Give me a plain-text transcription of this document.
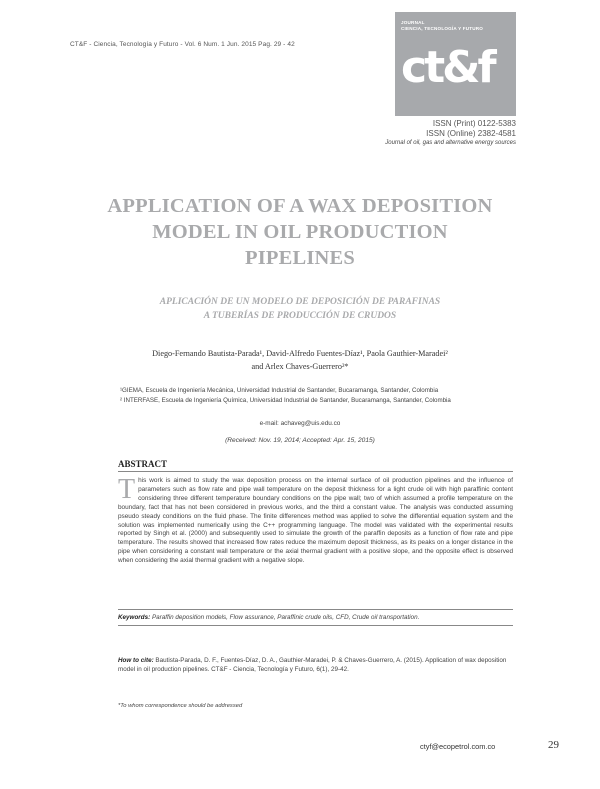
CT&F - Ciencia, Tecnología y Futuro - Vol. 6 Num. 1 Jun. 2015 Pag. 29 - 42
JOURNAL
CIENCIA, TECNOLOGÍA Y FUTURO
ct&f
ISSN (Print) 0122-5383
ISSN (Online) 2382-4581
Journal of oil, gas and alternative energy sources
APPLICATION OF A WAX DEPOSITION
MODEL IN OIL PRODUCTION
PIPELINES
APLICACIÓN DE UN MODELO DE DEPOSICIÓN DE PARAFINAS
A TUBERÍAS DE PRODUCCIÓN DE CRUDOS
Diego-Fernando Bautista-Parada¹, David-Alfredo Fuentes-Díaz¹, Paola Gauthier-Maradei²
and Arlex Chaves-Guerrero²*
¹GIEMA, Escuela de Ingeniería Mecánica, Universidad Industrial de Santander, Bucaramanga, Santander, Colombia
² INTERFASE, Escuela de Ingeniería Química, Universidad Industrial de Santander, Bucaramanga, Santander, Colombia
e-mail: achaveg@uis.edu.co
(Received: Nov. 19, 2014; Accepted: Apr. 15, 2015)
ABSTRACT
This work is aimed to study the wax deposition process on the internal surface of oil production pipelines and the influence of parameters such as flow rate and pipe wall temperature on the deposit thickness for a light crude oil with high paraffinic content considering three different temperature boundary conditions on the pipe wall; two of which assumed a profile temperature on the boundary, fact that has not been considered in previous works, and the third a constant value. The analysis was conducted assuming pseudo steady conditions on the fluid phase. The finite differences method was applied to solve the differential equation system and the solution was implemented numerically using the C++ programming language. The model was validated with the experimental results reported by Singh et al. (2000) and subsequently used to simulate the growth of the paraffin deposits as a function of flow rate and pipe temperature. The results showed that increased flow rates reduce the maximum deposit thickness, as its peaks on a longer distance in the pipe when considering a constant wall temperature or the axial thermal gradient with a positive slope, and the opposite effect is observed when considering the axial thermal gradient with a negative slope.
Keywords: Paraffin deposition models, Flow assurance, Paraffinic crude oils, CFD, Crude oil transportation.
How to cite: Bautista-Parada, D. F., Fuentes-Díaz, D. A., Gauthier-Maradei, P. & Chaves-Guerrero, A. (2015). Application of wax deposition model in oil production pipelines. CT&F - Ciencia, Tecnología y Futuro, 6(1), 29-42.
*To whom correspondence should be addressed
ctyf@ecopetrol.com.co	29
